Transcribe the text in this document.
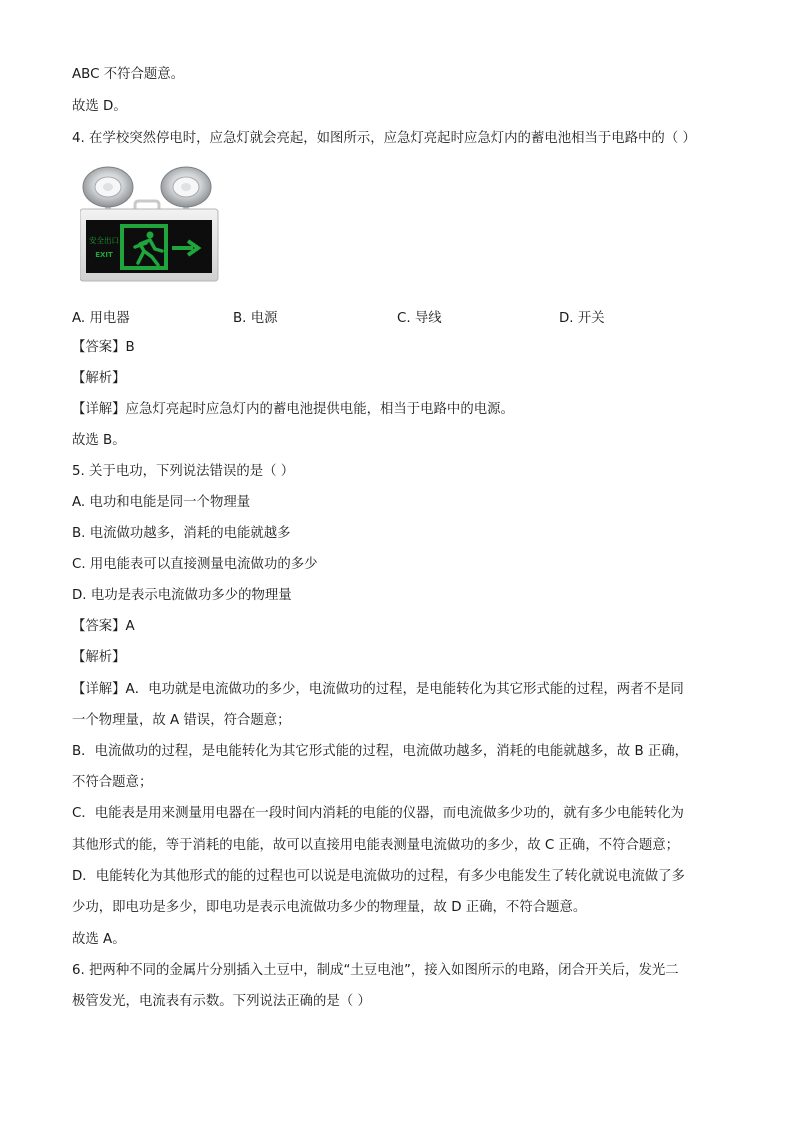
ABC 不符合题意。
故选 D。
4. 在学校突然停电时，应急灯就会亮起，如图所示，应急灯亮起时应急灯内的蓄电池相当于电路中的（ ）
安全出口
EXIT
A. 用电器	B. 电源	C. 导线	D. 开关
【答案】B
【解析】
【详解】应急灯亮起时应急灯内的蓄电池提供电能，相当于电路中的电源。
故选 B。
5. 关于电功，下列说法错误的是（ ）
A. 电功和电能是同一个物理量
B. 电流做功越多，消耗的电能就越多
C. 用电能表可以直接测量电流做功的多少
D. 电功是表示电流做功多少的物理量
【答案】A
【解析】
【详解】A．电功就是电流做功的多少，电流做功的过程，是电能转化为其它形式能的过程，两者不是同
一个物理量，故 A 错误，符合题意；
B．电流做功的过程，是电能转化为其它形式能的过程，电流做功越多，消耗的电能就越多，故 B 正确，
不符合题意；
C．电能表是用来测量用电器在一段时间内消耗的电能的仪器，而电流做多少功的，就有多少电能转化为
其他形式的能，等于消耗的电能，故可以直接用电能表测量电流做功的多少，故 C 正确，不符合题意；
D．电能转化为其他形式的能的过程也可以说是电流做功的过程，有多少电能发生了转化就说电流做了多
少功，即电功是多少，即电功是表示电流做功多少的物理量，故 D 正确，不符合题意。
故选 A。
6. 把两种不同的金属片分别插入土豆中，制成“土豆电池”，接入如图所示的电路，闭合开关后，发光二
极管发光，电流表有示数。下列说法正确的是（ ）
